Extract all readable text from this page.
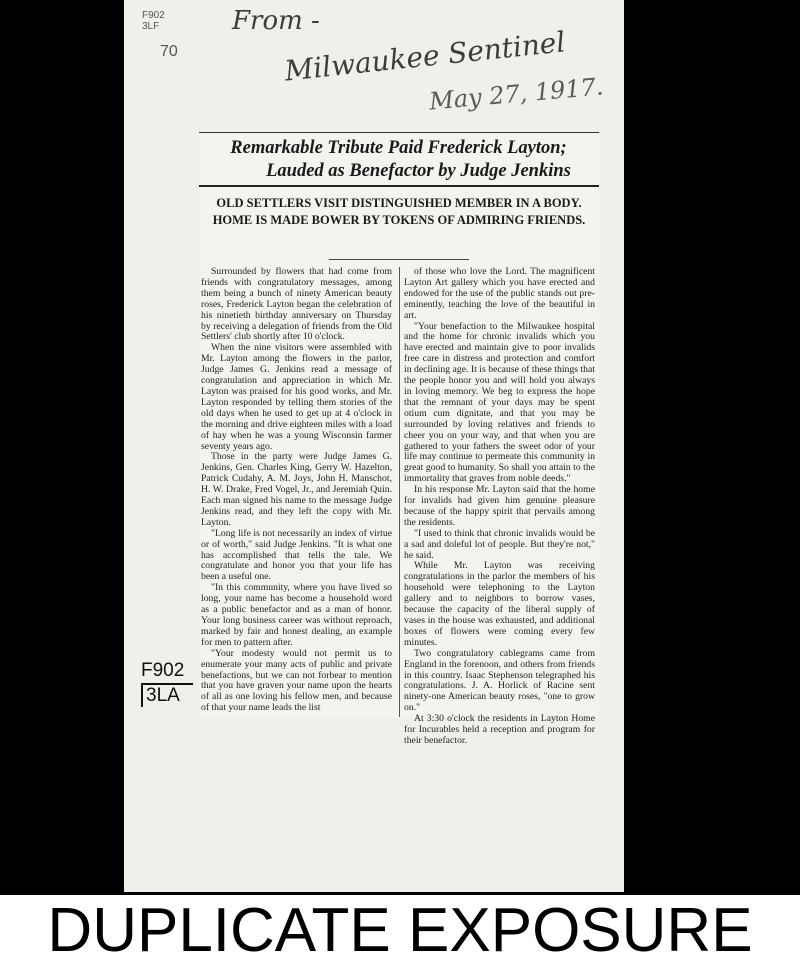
F902
3LF
70
From -
Milwaukee Sentinel
May 27, 1917.
Remarkable Tribute Paid Frederick Layton;
Lauded as Benefactor by Judge Jenkins

OLD SETTLERS VISIT DISTINGUISHED MEMBER IN A BODY. HOME IS MADE BOWER BY TOKENS OF ADMIRING FRIENDS.

Surrounded by flowers that had come from friends with congratulatory messages, among them being a bunch of ninety American beauty roses, Frederick Layton began the celebration of his ninetieth birthday anniversary on Thursday by receiving a delegation of friends from the Old Settlers' club shortly after 10 o'clock.

When the nine visitors were assembled with Mr. Layton among the flowers in the parlor, Judge James G. Jenkins read a message of congratulation and appreciation in which Mr. Layton was praised for his good works, and Mr. Layton responded by telling them stories of the old days when he used to get up at 4 o'clock in the morning and drive eighteen miles with a load of hay when he was a young Wisconsin farmer seventy years ago.

Those in the party were Judge James G. Jenkins, Gen. Charles King, Gerry W. Hazelton, Patrick Cudahy, A. M. Joys, John H. Manschot, H. W. Drake, Fred Vogel, Jr., and Jeremiah Quin. Each man signed his name to the message Judge Jenkins read, and they left the copy with Mr. Layton.

"Long life is not necessarily an index of virtue or of worth," said Judge Jenkins. "It is what one has accomplished that tells the tale. We congratulate and honor you that your life has been a useful one.

"In this community, where you have lived so long, your name has become a household word as a public benefactor and as a man of honor. Your long business career was without reproach, marked by fair and honest dealing, an example for men to pattern after.

"Your modesty would not permit us to enumerate your many acts of public and private benefactions, but we can not forbear to mention that you have graven your name upon the hearts of all as one loving his fellow men, and because of that your name leads the list

of those who love the Lord. The magnificent Layton Art gallery which you have erected and endowed for the use of the public stands out pre-eminently, teaching the love of the beautiful in art.

"Your benefaction to the Milwaukee hospital and the home for chronic invalids which you have erected and maintain give to poor invalids free care in distress and protection and comfort in declining age. It is because of these things that the people honor you and will hold you always in loving memory. We beg to express the hope that the remnant of your days may be spent otium cum dignitate, and that you may be surrounded by loving relatives and friends to cheer you on your way, and that when you are gathered to your fathers the sweet odor of your life may continue to permeate this community in great good to humanity. So shall you attain to the immortality that graves from noble deeds."

In his response Mr. Layton said that the home for invalids had given him genuine pleasure because of the happy spirit that pervails among the residents.

"I used to think that chronic invalids would be a sad and doleful lot of people. But they're not," he said.

While Mr. Layton was receiving congratulations in the parlor the members of his household were telephoning to the Layton gallery and to neighbors to borrow vases, because the capacity of the liberal supply of vases in the house was exhausted, and additional boxes of flowers were coming every few minutes.

Two congratulatory cablegrams came from England in the forenoon, and others from friends in this country. Isaac Stephenson telegraphed his congratulations. J. A. Horlick of Racine sent ninety-one American beauty roses, "one to grow on."

At 3:30 o'clock the residents in Layton Home for Incurables held a reception and program for their benefactor.

F902
3LA
DUPLICATE EXPOSURE
